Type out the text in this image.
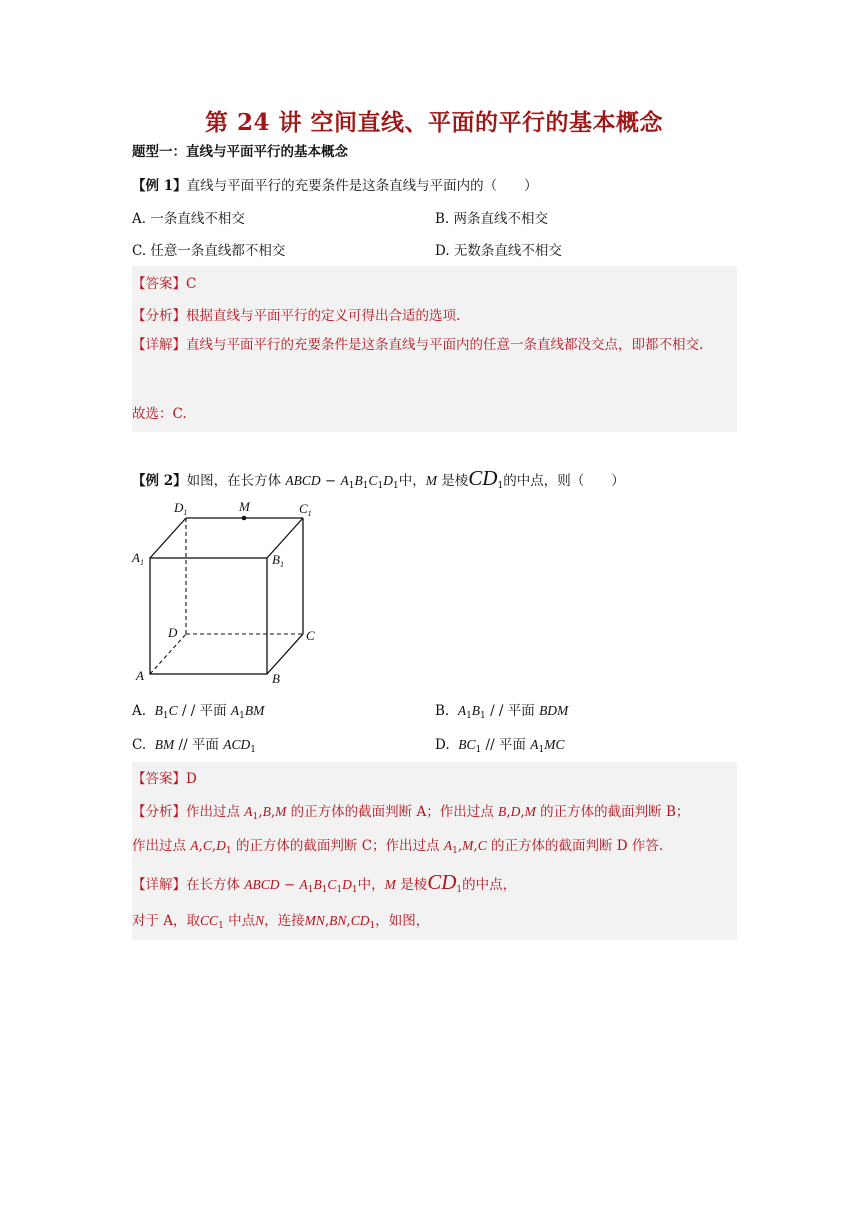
第 24 讲 空间直线、平面的平行的基本概念
题型一：直线与平面平行的基本概念
【例 1】直线与平面平行的充要条件是这条直线与平面内的（　　）
A. 一条直线不相交	B. 两条直线不相交
C. 任意一条直线都不相交	D. 无数条直线不相交
【答案】C
【分析】根据直线与平面平行的定义可得出合适的选项.
【详解】直线与平面平行的充要条件是这条直线与平面内的任意一条直线都没交点，即都不相交.
故选：C.
【例 2】如图，在长方体 ABCD − $A_1B_1C_1D_1$中，M 是棱$CD_1$的中点，则（　　）
$D_1$	M	$C_1$
$A_1$	$B_1$
D	C
A	B
A. $B_1C$ / / 平面 $A_1BM$	B. $A_1B_1$ / / 平面 BDM
C. BM // 平面 $ACD_1$	D. $BC_1$ // 平面 $A_1MC$
【答案】D
【分析】作出过点 $A_1,B,M$ 的正方体的截面判断 A；作出过点 B,D,M 的正方体的截面判断 B；
作出过点 $A,C,D_1$ 的正方体的截面判断 C；作出过点 $A_1,M,C$ 的正方体的截面判断 D 作答.
【详解】在长方体 ABCD − $A_1B_1C_1D_1$中，M 是棱$CD_1$的中点，
对于 A，取$CC_1$ 中点N，连接$MN,BN,CD_1$，如图，
